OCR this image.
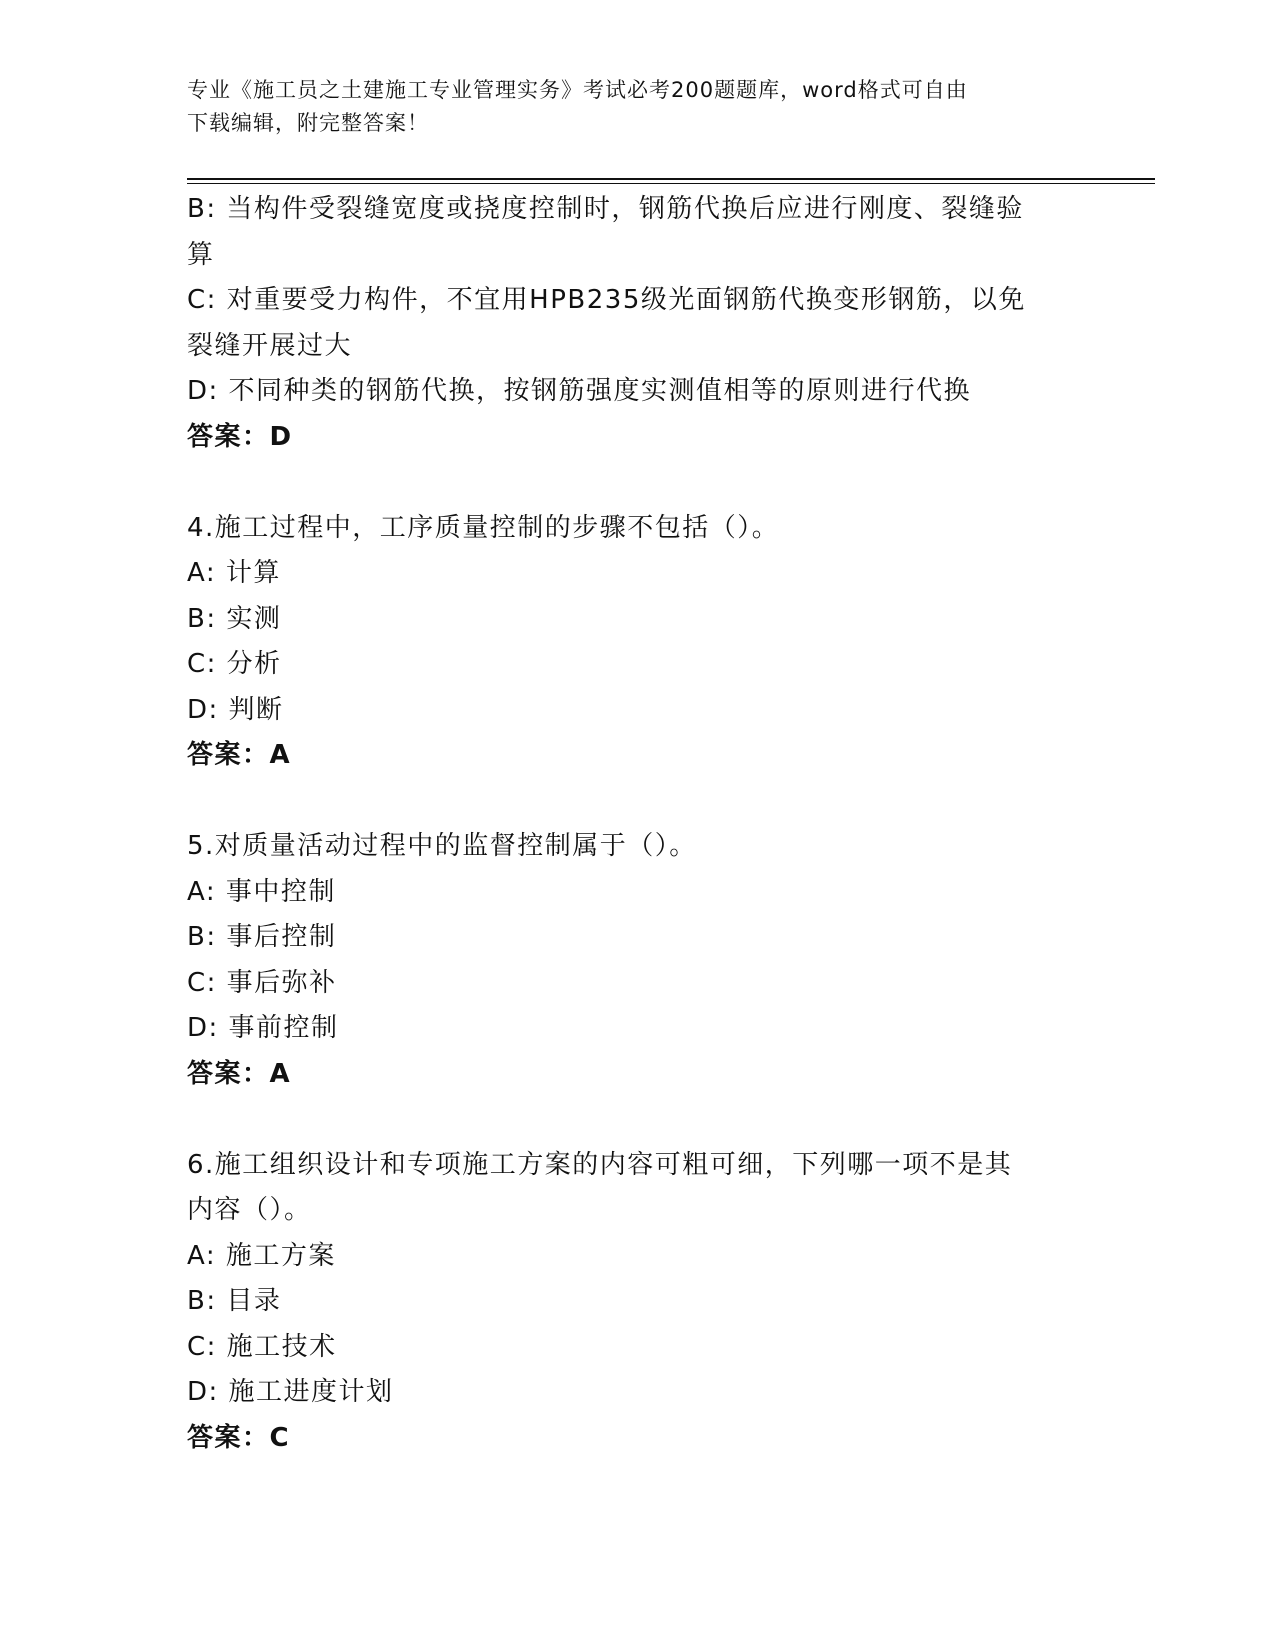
专业《施工员之土建施工专业管理实务》考试必考200题题库，word格式可自由
下载编辑，附完整答案！
B: 当构件受裂缝宽度或挠度控制时，钢筋代换后应进行刚度、裂缝验
算
C: 对重要受力构件，不宜用HPB235级光面钢筋代换变形钢筋，以免
裂缝开展过大
D: 不同种类的钢筋代换，按钢筋强度实测值相等的原则进行代换
答案：D
4.施工过程中，工序质量控制的步骤不包括（）。
A: 计算
B: 实测
C: 分析
D: 判断
答案：A
5.对质量活动过程中的监督控制属于（）。
A: 事中控制
B: 事后控制
C: 事后弥补
D: 事前控制
答案：A
6.施工组织设计和专项施工方案的内容可粗可细，下列哪一项不是其
内容（）。
A: 施工方案
B: 目录
C: 施工技术
D: 施工进度计划
答案：C
